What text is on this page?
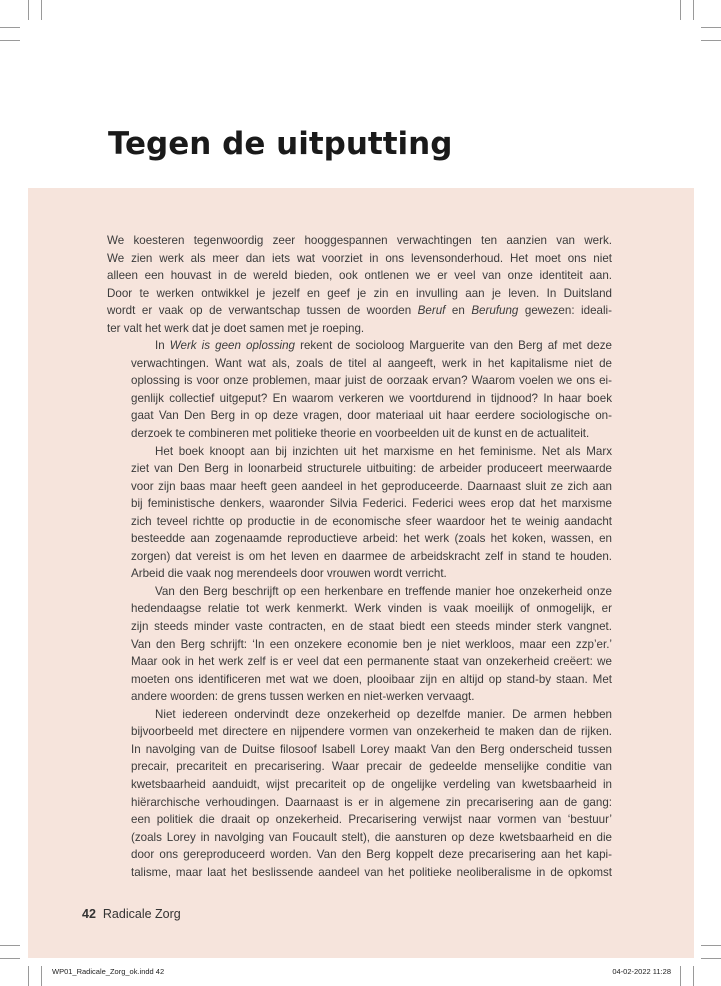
Tegen de uitputting

We koesteren tegenwoordig zeer hooggespannen verwachtingen ten aanzien van werk.
We zien werk als meer dan iets wat voorziet in ons levensonderhoud. Het moet ons niet
alleen een houvast in de wereld bieden, ook ontlenen we er veel van onze identiteit aan.
Door te werken ontwikkel je jezelf en geef je zin en invulling aan je leven. In Duitsland
wordt er vaak op de verwantschap tussen de woorden Beruf en Berufung gewezen: ideali-
ter valt het werk dat je doet samen met je roeping.

In Werk is geen oplossing rekent de socioloog Marguerite van den Berg af met deze
verwachtingen. Want wat als, zoals de titel al aangeeft, werk in het kapitalisme niet de
oplossing is voor onze problemen, maar juist de oorzaak ervan? Waarom voelen we ons ei-
genlijk collectief uitgeput? En waarom verkeren we voortdurend in tijdnood? In haar boek
gaat Van Den Berg in op deze vragen, door materiaal uit haar eerdere sociologische on-
derzoek te combineren met politieke theorie en voorbeelden uit de kunst en de actualiteit.

Het boek knoopt aan bij inzichten uit het marxisme en het feminisme. Net als Marx
ziet van Den Berg in loonarbeid structurele uitbuiting: de arbeider produceert meerwaarde
voor zijn baas maar heeft geen aandeel in het geproduceerde. Daarnaast sluit ze zich aan
bij feministische denkers, waaronder Silvia Federici. Federici wees erop dat het marxisme
zich teveel richtte op productie in de economische sfeer waardoor het te weinig aandacht
besteedde aan zogenaamde reproductieve arbeid: het werk (zoals het koken, wassen, en
zorgen) dat vereist is om het leven en daarmee de arbeidskracht zelf in stand te houden.
Arbeid die vaak nog merendeels door vrouwen wordt verricht.

Van den Berg beschrijft op een herkenbare en treffende manier hoe onzekerheid onze
hedendaagse relatie tot werk kenmerkt. Werk vinden is vaak moeilijk of onmogelijk, er
zijn steeds minder vaste contracten, en de staat biedt een steeds minder sterk vangnet.
Van den Berg schrijft: ‘In een onzekere economie ben je niet werkloos, maar een zzp’er.’
Maar ook in het werk zelf is er veel dat een permanente staat van onzekerheid creëert: we
moeten ons identificeren met wat we doen, plooibaar zijn en altijd op stand-by staan. Met
andere woorden: de grens tussen werken en niet-werken vervaagt.

Niet iedereen ondervindt deze onzekerheid op dezelfde manier. De armen hebben
bijvoorbeeld met directere en nijpendere vormen van onzekerheid te maken dan de rijken.
In navolging van de Duitse filosoof Isabell Lorey maakt Van den Berg onderscheid tussen
precair, precariteit en precarisering. Waar precair de gedeelde menselijke conditie van
kwetsbaarheid aanduidt, wijst precariteit op de ongelijke verdeling van kwetsbaarheid in
hiërarchische verhoudingen. Daarnaast is er in algemene zin precarisering aan de gang:
een politiek die draait op onzekerheid. Precarisering verwijst naar vormen van ‘bestuur’
(zoals Lorey in navolging van Foucault stelt), die aansturen op deze kwetsbaarheid en die
door ons gereproduceerd worden. Van den Berg koppelt deze precarisering aan het kapi-
talisme, maar laat het beslissende aandeel van het politieke neoliberalisme in de opkomst

42 Radicale Zorg
WP01_Radicale_Zorg_ok.indd 42	04-02-2022 11:28
